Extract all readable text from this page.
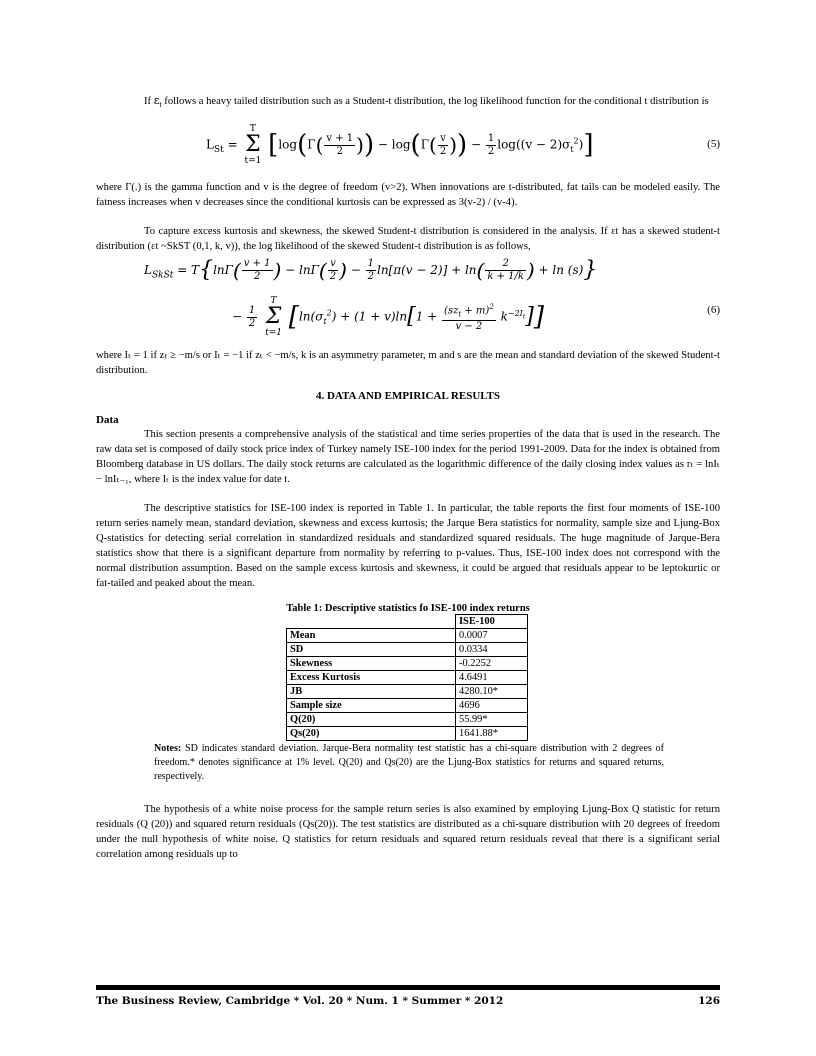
If $\varepsilon_t$ follows a heavy tailed distribution such as a Student-t distribution, the log likelihood function for the conditional t distribution is

$L_{St} = T$
Σ
t=1 [$\log(\Gamma( \frac{v + 1}{2}$ )) − $\log(\Gamma( \frac{v}{2}$ )) − $\frac{1}{2} \log((v - 2)\sigma_t^2)$]	(5)

where Γ(.) is the gamma function and v is the degree of freedom (v>2). When innovations are t-distributed, fat tails can be modeled easily. The fatness increases when v decreases since the conditional kurtosis can be expressed as 3(v-2) / (v-4).

To capture excess kurtosis and skewness, the skewed Student-t distribution is considered in the analysis. If εt has a skewed student-t distribution (εt ~SkST (0,1, k, v)), the log likelihood of the skewed Student-t distribution is as follows,

$L_{SkSt} = T\{\ln\Gamma( \frac{v + 1}{2}$ ) − $\ln\Gamma( \frac{v}{2}$ ) − $\frac{1}{2} \ln[\pi(v - 2)] + \ln( \frac{2}{k + 1/k}$ ) + ln (s)}
− $\frac{1}{2}$
T
Σ
t=1 $[\ln(\sigma_t^2) + (1 + v)\ln[1 + \frac{(sz_t + m)^2}{v - 2} k^{-2I_t}]]$	(6)

where Iₜ = 1 if zₜ ≥ −m/s or Iₜ = −1 if zₜ < −m/s, k is an asymmetry parameter, m and s are the mean and standard deviation of the skewed Student-t distribution.

4. DATA AND EMPIRICAL RESULTS
Data

This section presents a comprehensive analysis of the statistical and time series properties of the data that is used in the research. The raw data set is composed of daily stock price index of Turkey namely ISE-100 index for the period 1991-2009. Data for the index is obtained from Bloomberg database in US dollars. The daily stock returns are calculated as the logarithmic difference of the daily closing index values as rₜ = lnIₜ − lnIₜ₋₁, where Iₜ is the index value for date t.

The descriptive statistics for ISE-100 index is reported in Table 1. In particular, the table reports the first four moments of ISE-100 return series namely mean, standard deviation, skewness and excess kurtosis; the Jarque Bera statistics for normality, sample size and Ljung-Box Q-statistics for detecting serial correlation in standardized residuals and standardized squared residuals. The huge magnitude of Jarque-Bera statistics show that there is a significant departure from normality by referring to p-values. Thus, ISE-100 index does not correspond with the normal distribution assumption. Based on the sample excess kurtosis and skewness, it could be argued that residuals appear to be leptokurtic or fat-tailed and peaked about the mean.

Table 1: Descriptive statistics fo ISE-100 index returns
	ISE-100
Mean	0.0007
SD	0.0334
Skewness	-0.2252
Excess Kurtosis	4.6491
JB	4280.10*
Sample size	4696
Q(20)	55.99*
Qs(20)	1641.88*
Notes: SD indicates standard deviation. Jarque-Bera normality test statistic has a chi-square distribution with 2 degrees of freedom.* denotes significance at 1% level. Q(20) and Qs(20) are the Ljung-Box statistics for returns and squared returns, respectively.

The hypothesis of a white noise process for the sample return series is also examined by employing Ljung-Box Q statistic for return residuals (Q (20)) and squared return residuals (Qs(20)). The test statistics are distributed as a chi-square distribution with 20 degrees of freedom under the null hypothesis of white noise. Q statistics for return residuals and squared return residuals reveal that there is a significant serial correlation among residuals up to

The Business Review, Cambridge * Vol. 20 * Num. 1 * Summer * 2012	126
